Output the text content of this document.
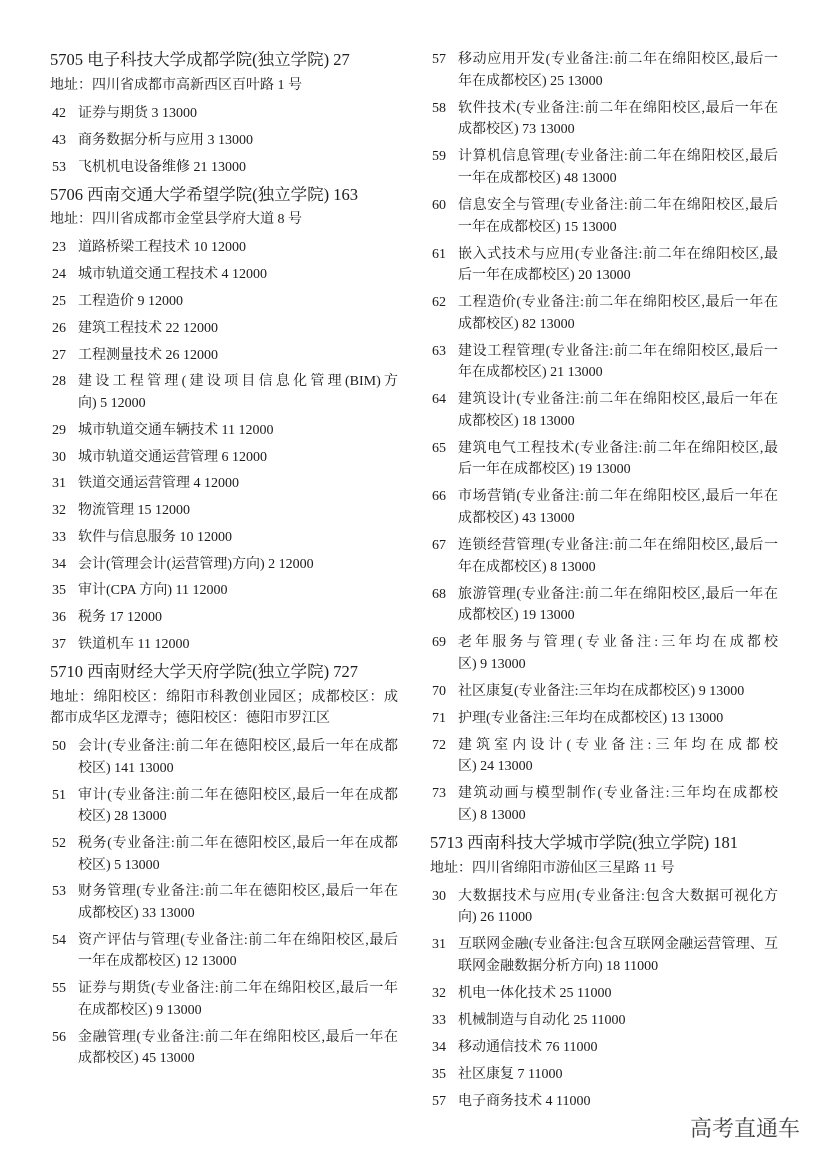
5705 电子科技大学成都学院(独立学院) 27
地址：四川省成都市高新西区百叶路 1 号
42 证券与期货 3 13000
43 商务数据分析与应用 3 13000
53 飞机机电设备维修 21 13000
5706 西南交通大学希望学院(独立学院) 163
地址：四川省成都市金堂县学府大道 8 号
23 道路桥梁工程技术 10 12000
24 城市轨道交通工程技术 4 12000
25 工程造价 9 12000
26 建筑工程技术 22 12000
27 工程测量技术 26 12000
28 建设工程管理(建设项目信息化管理(BIM)方
向) 5 12000
29 城市轨道交通车辆技术 11 12000
30 城市轨道交通运营管理 6 12000
31 铁道交通运营管理 4 12000
32 物流管理 15 12000
33 软件与信息服务 10 12000
34 会计(管理会计(运营管理)方向) 2 12000
35 审计(CPA 方向) 11 12000
36 税务 17 12000
37 铁道机车 11 12000
5710 西南财经大学天府学院(独立学院) 727
地址：绵阳校区：绵阳市科教创业园区；成都校区：成
都市成华区龙潭寺；德阳校区：德阳市罗江区
50 会计(专业备注:前二年在德阳校区,最后一年在成都
校区) 141 13000
51 审计(专业备注:前二年在德阳校区,最后一年在成都
校区) 28 13000
52 税务(专业备注:前二年在德阳校区,最后一年在成都
校区) 5 13000
53 财务管理(专业备注:前二年在德阳校区,最后一年在
成都校区) 33 13000
54 资产评估与管理(专业备注:前二年在绵阳校区,最后
一年在成都校区) 12 13000
55 证券与期货(专业备注:前二年在绵阳校区,最后一年
在成都校区) 9 13000
56 金融管理(专业备注:前二年在绵阳校区,最后一年在
成都校区) 45 13000
57 移动应用开发(专业备注:前二年在绵阳校区,最后一
年在成都校区) 25 13000
58 软件技术(专业备注:前二年在绵阳校区,最后一年在
成都校区) 73 13000
59 计算机信息管理(专业备注:前二年在绵阳校区,最后
一年在成都校区) 48 13000
60 信息安全与管理(专业备注:前二年在绵阳校区,最后
一年在成都校区) 15 13000
61 嵌入式技术与应用(专业备注:前二年在绵阳校区,最
后一年在成都校区) 20 13000
62 工程造价(专业备注:前二年在绵阳校区,最后一年在
成都校区) 82 13000
63 建设工程管理(专业备注:前二年在绵阳校区,最后一
年在成都校区) 21 13000
64 建筑设计(专业备注:前二年在绵阳校区,最后一年在
成都校区) 18 13000
65 建筑电气工程技术(专业备注:前二年在绵阳校区,最
后一年在成都校区) 19 13000
66 市场营销(专业备注:前二年在绵阳校区,最后一年在
成都校区) 43 13000
67 连锁经营管理(专业备注:前二年在绵阳校区,最后一
年在成都校区) 8 13000
68 旅游管理(专业备注:前二年在绵阳校区,最后一年在
成都校区) 19 13000
69 老年服务与管理(专业备注:三年均在成都校
区) 9 13000
70 社区康复(专业备注:三年均在成都校区) 9 13000
71 护理(专业备注:三年均在成都校区) 13 13000
72 建筑室内设计(专业备注:三年均在成都校
区) 24 13000
73 建筑动画与模型制作(专业备注:三年均在成都校
区) 8 13000
5713 西南科技大学城市学院(独立学院) 181
地址：四川省绵阳市游仙区三星路 11 号
30 大数据技术与应用(专业备注:包含大数据可视化方
向) 26 11000
31 互联网金融(专业备注:包含互联网金融运营管理、互
联网金融数据分析方向) 18 11000
32 机电一体化技术 25 11000
33 机械制造与自动化 25 11000
34 移动通信技术 76 11000
35 社区康复 7 11000
57 电子商务技术 4 11000
高考直通车
